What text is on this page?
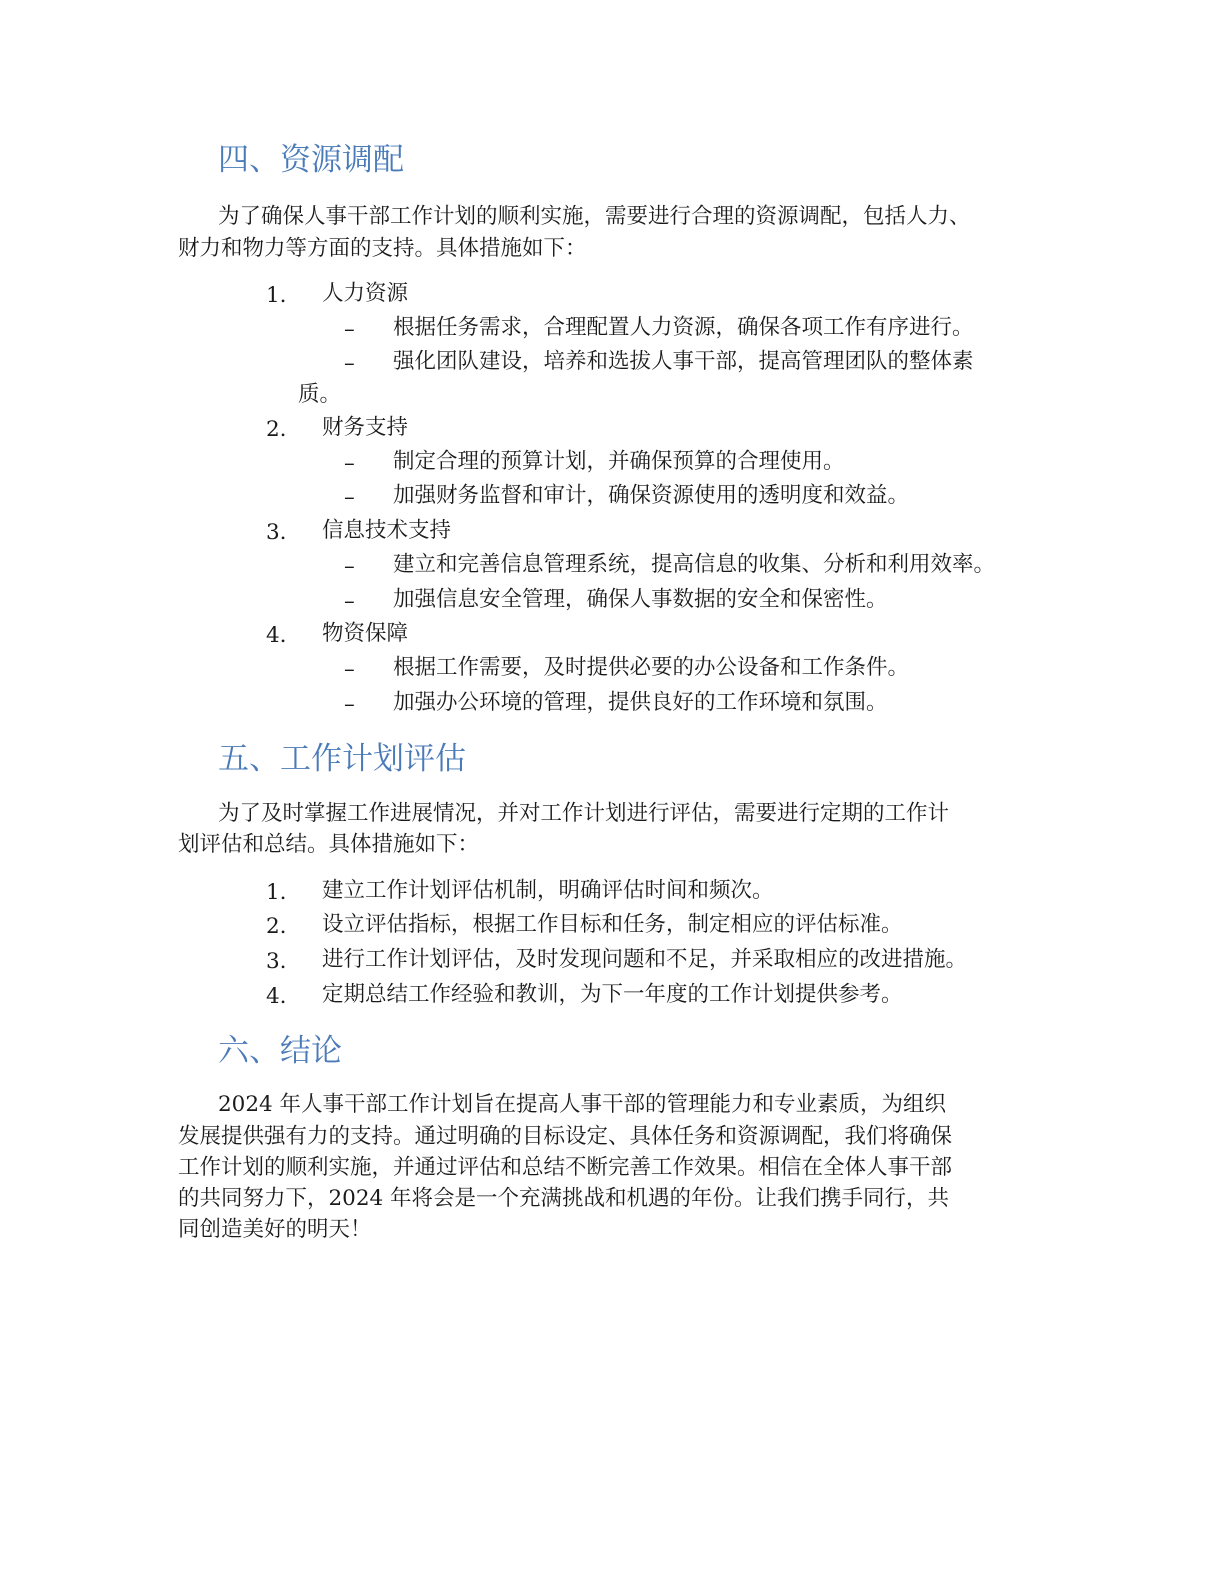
四、资源调配
为了确保人事干部工作计划的顺利实施，需要进行合理的资源调配，包括人力、
财力和物力等方面的支持。具体措施如下：
1. 人力资源
– 根据任务需求，合理配置人力资源，确保各项工作有序进行。
– 强化团队建设，培养和选拔人事干部，提高管理团队的整体素
质。
2. 财务支持
– 制定合理的预算计划，并确保预算的合理使用。
– 加强财务监督和审计，确保资源使用的透明度和效益。
3. 信息技术支持
– 建立和完善信息管理系统，提高信息的收集、分析和利用效率。
– 加强信息安全管理，确保人事数据的安全和保密性。
4. 物资保障
– 根据工作需要，及时提供必要的办公设备和工作条件。
– 加强办公环境的管理，提供良好的工作环境和氛围。
五、工作计划评估
为了及时掌握工作进展情况，并对工作计划进行评估，需要进行定期的工作计
划评估和总结。具体措施如下：
1. 建立工作计划评估机制，明确评估时间和频次。
2. 设立评估指标，根据工作目标和任务，制定相应的评估标准。
3. 进行工作计划评估，及时发现问题和不足，并采取相应的改进措施。
4. 定期总结工作经验和教训，为下一年度的工作计划提供参考。
六、结论
2024 年人事干部工作计划旨在提高人事干部的管理能力和专业素质，为组织
发展提供强有力的支持。通过明确的目标设定、具体任务和资源调配，我们将确保
工作计划的顺利实施，并通过评估和总结不断完善工作效果。相信在全体人事干部
的共同努力下，2024 年将会是一个充满挑战和机遇的年份。让我们携手同行，共
同创造美好的明天！
